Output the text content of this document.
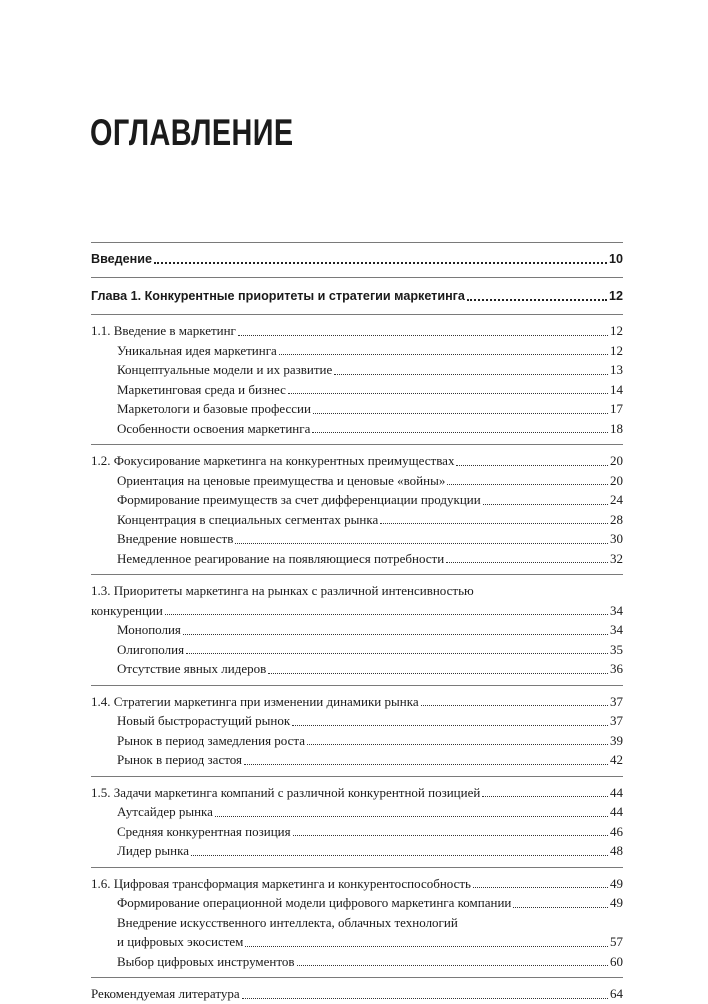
ОГЛАВЛЕНИЕ
Введение	10
Глава 1. Конкурентные приоритеты и стратегии маркетинга	12
1.1. Введение в маркетинг	12
Уникальная идея маркетинга	12
Концептуальные модели и их развитие	13
Маркетинговая среда и бизнес	14
Маркетологи и базовые профессии	17
Особенности освоения маркетинга	18
1.2. Фокусирование маркетинга на конкурентных преимуществах	20
Ориентация на ценовые преимущества и ценовые «войны»	20
Формирование преимуществ за счет дифференциации продукции	24
Концентрация в специальных сегментах рынка	28
Внедрение новшеств	30
Немедленное реагирование на появляющиеся потребности	32
1.3. Приоритеты маркетинга на рынках с различной интенсивностью
конкуренции	34
Монополия	34
Олигополия	35
Отсутствие явных лидеров	36
1.4. Стратегии маркетинга при изменении динамики рынка	37
Новый быстрорастущий рынок	37
Рынок в период замедления роста	39
Рынок в период застоя	42
1.5. Задачи маркетинга компаний с различной конкурентной позицией	44
Аутсайдер рынка	44
Средняя конкурентная позиция	46
Лидер рынка	48
1.6. Цифровая трансформация маркетинга и конкурентоспособность	49
Формирование операционной модели цифрового маркетинга компании	49
Внедрение искусственного интеллекта, облачных технологий
и цифровых экосистем	57
Выбор цифровых инструментов	60
Рекомендуемая литература	64
